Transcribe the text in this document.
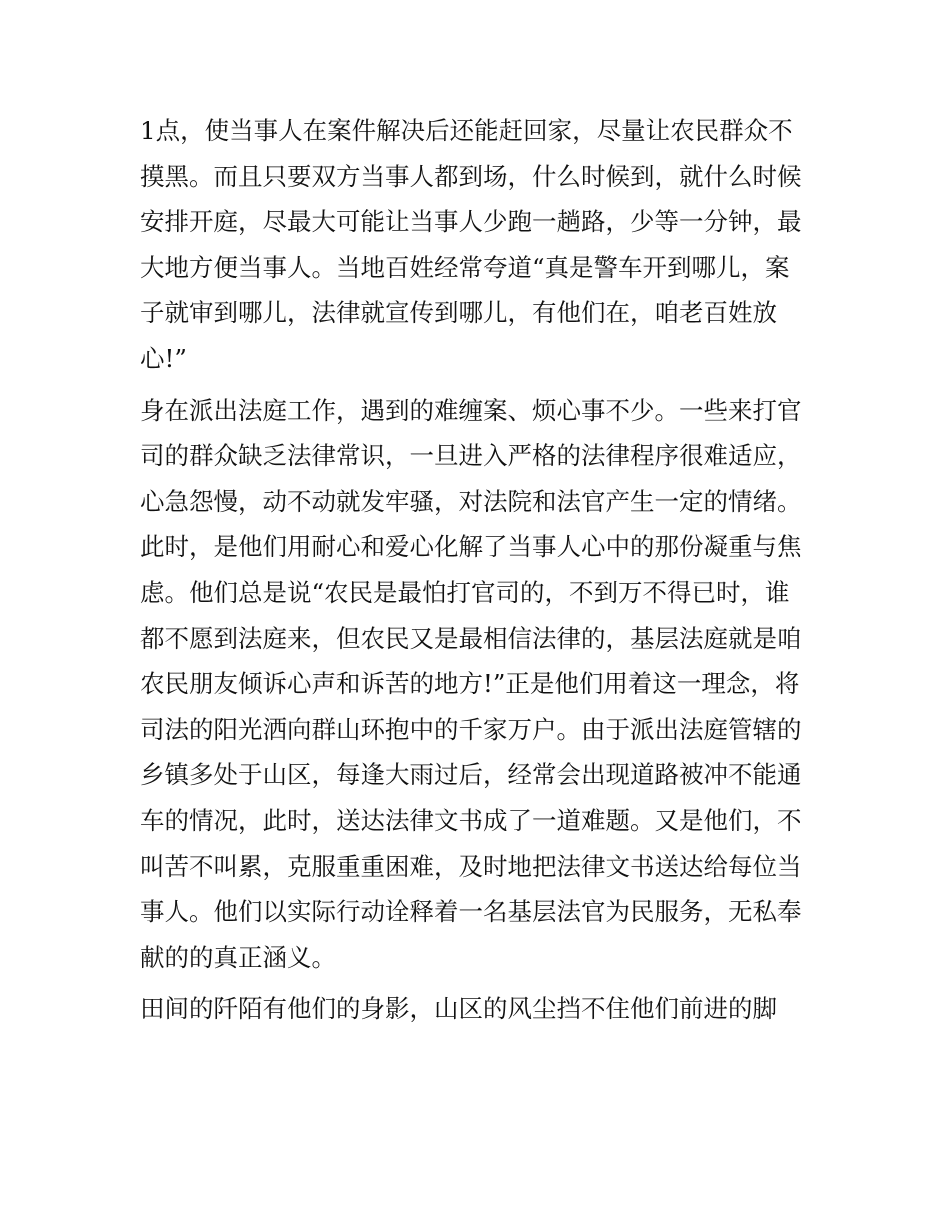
1点，使当事人在案件解决后还能赶回家，尽量让农民群众不
摸黑。而且只要双方当事人都到场，什么时候到，就什么时候
安排开庭，尽最大可能让当事人少跑一趟路，少等一分钟，最
大地方便当事人。当地百姓经常夸道“真是警车开到哪儿，案
子就审到哪儿，法律就宣传到哪儿，有他们在，咱老百姓放
心!”

身在派出法庭工作，遇到的难缠案、烦心事不少。一些来打官
司的群众缺乏法律常识，一旦进入严格的法律程序很难适应，
心急怨慢，动不动就发牢骚，对法院和法官产生一定的情绪。
此时，是他们用耐心和爱心化解了当事人心中的那份凝重与焦
虑。他们总是说“农民是最怕打官司的，不到万不得已时，谁
都不愿到法庭来，但农民又是最相信法律的，基层法庭就是咱
农民朋友倾诉心声和诉苦的地方!”正是他们用着这一理念，将
司法的阳光洒向群山环抱中的千家万户。由于派出法庭管辖的
乡镇多处于山区，每逢大雨过后，经常会出现道路被冲不能通
车的情况，此时，送达法律文书成了一道难题。又是他们，不
叫苦不叫累，克服重重困难，及时地把法律文书送达给每位当
事人。他们以实际行动诠释着一名基层法官为民服务，无私奉
献的的真正涵义。

田间的阡陌有他们的身影，山区的风尘挡不住他们前进的脚
